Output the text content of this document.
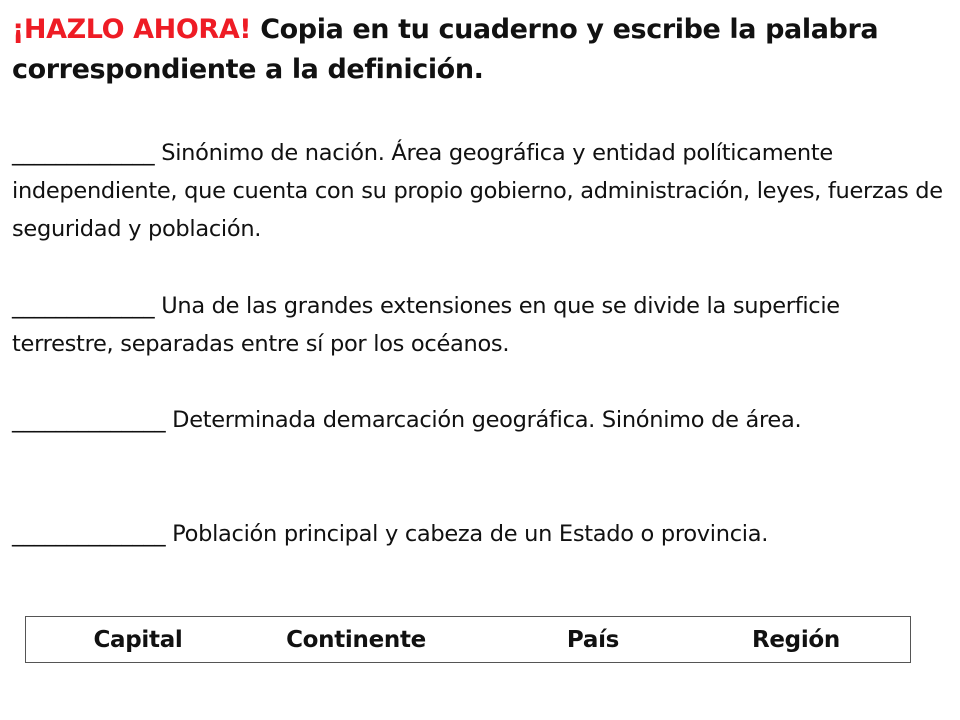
¡HAZLO AHORA! Copia en tu cuaderno y escribe la palabra correspondiente a la definición.
_____________ Sinónimo de nación. Área geográfica y entidad políticamente independiente, que cuenta con su propio gobierno, administración, leyes, fuerzas de seguridad y población.
_____________ Una de las grandes extensiones en que se divide la superficie terrestre, separadas entre sí por los océanos.
______________ Determinada demarcación geográfica. Sinónimo de área.
______________ Población principal y cabeza de un Estado o provincia.
Capital	Continente	País	Región
